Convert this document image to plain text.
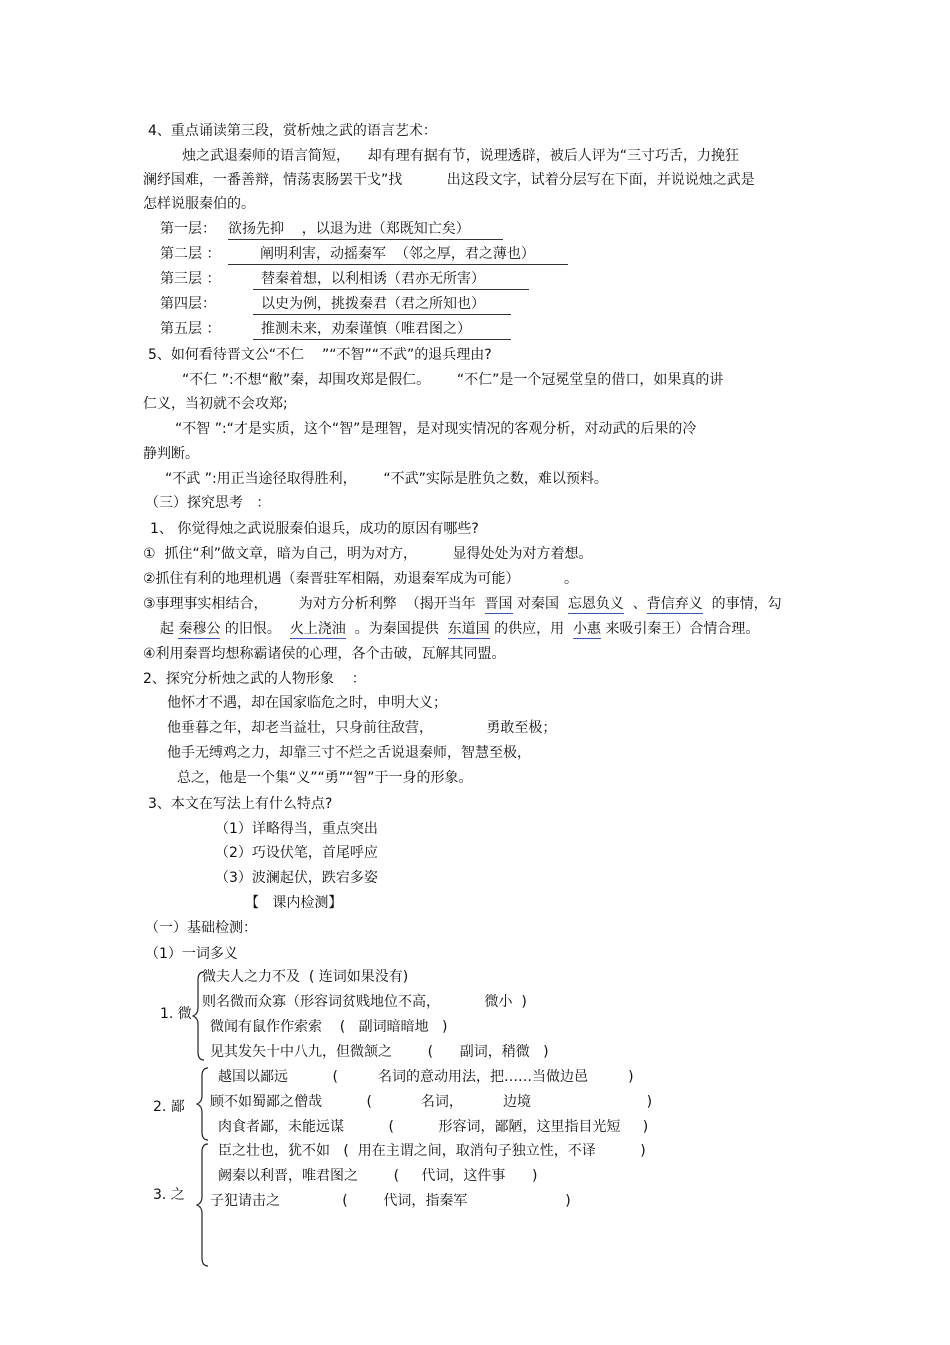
4、重点诵读第三段，赏析烛之武的语言艺术：
烛之武退秦师的语言简短，    却有理有据有节，说理透辟，被后人评为“三寸巧舌，力挽狂
澜纾国难，一番善辩，情荡衷肠罢干戈”找          出这段文字，试着分层写在下面，并说说烛之武是
怎样说服秦伯的。
第一层： 欲扬先抑    ，以退为进（郑既知亡矣）
第二层 ：	阐明利害，动摇秦军  （邻之厚，君之薄也）
第三层 ：	替秦着想，以利相诱（君亦无所害）
第四层：	以史为例，挑拨秦君（君之所知也）
第五层 ：	推测未来，劝秦谨慎（唯君图之）
5、如何看待晋文公“不仁    ”“不智”“不武”的退兵理由?
“不仁 ”:不想“敝”秦，却围攻郑是假仁。      “不仁”是一个冠冕堂皇的借口，如果真的讲
仁义，当初就不会攻郑;
“不智 ”:“才是实质，这个“智”是理智，是对现实情况的客观分析，对动武的后果的冷
静判断。
“不武 ”:用正当途径取得胜利，      “不武”实际是胜负之数，难以预料。
（三）探究思考   ：
1、 你觉得烛之武说服秦伯退兵，成功的原因有哪些?
①  抓住“利”做文章，暗为自己，明为对方，        显得处处为对方着想。
②抓住有利的地理机遇（秦晋驻军相隔，劝退秦军成为可能）          。
③事理事实相结合，       为对方分析利弊  （揭开当年  晋国 对秦国  忘恩负义  、背信弃义  的事情，勾
起 秦穆公 的旧恨。  火上浇油  。为秦国提供  东道国 的供应，用  小惠 来吸引秦王）合情合理。
④利用秦晋均想称霸诸侯的心理，各个击破，瓦解其同盟。
2、探究分析烛之武的人物形象    ：
他怀才不遇，却在国家临危之时，申明大义；
他垂暮之年，却老当益壮，只身前往敌营，            勇敢至极；
他手无缚鸡之力，却靠三寸不烂之舌说退秦师，智慧至极，
总之，他是一个集“义”“勇”“智”于一身的形象。
3、本文在写法上有什么特点?
（1）详略得当，重点突出
（2）巧设伏笔，首尾呼应
（3）波澜起伏，跌宕多姿
【   课内检测】
（一）基础检测：
（1）一词多义
1. 微
微夫人之力不及  ( 连词如果没有)
则名微而众寡（形容词贫贱地位不高，          微小  )
微闻有鼠作作索索    (   副词暗暗地   )
见其发矢十中八九，但微颔之        (      副词，稍微   )
2. 鄙
越国以鄙远          (         名词的意动用法，把……当做边邑         )
顾不如蜀鄙之僧哉          (           名词，         边境                          )
肉食者鄙，未能远谋          (          形容词，鄙陋，这里指目光短     )
3. 之
臣之壮也，犹不如   (  用在主谓之间，取消句子独立性，不译          )
阙秦以利晋，唯君图之        (     代词，这件事      )
子犯请击之              (        代词，指秦军                      )
